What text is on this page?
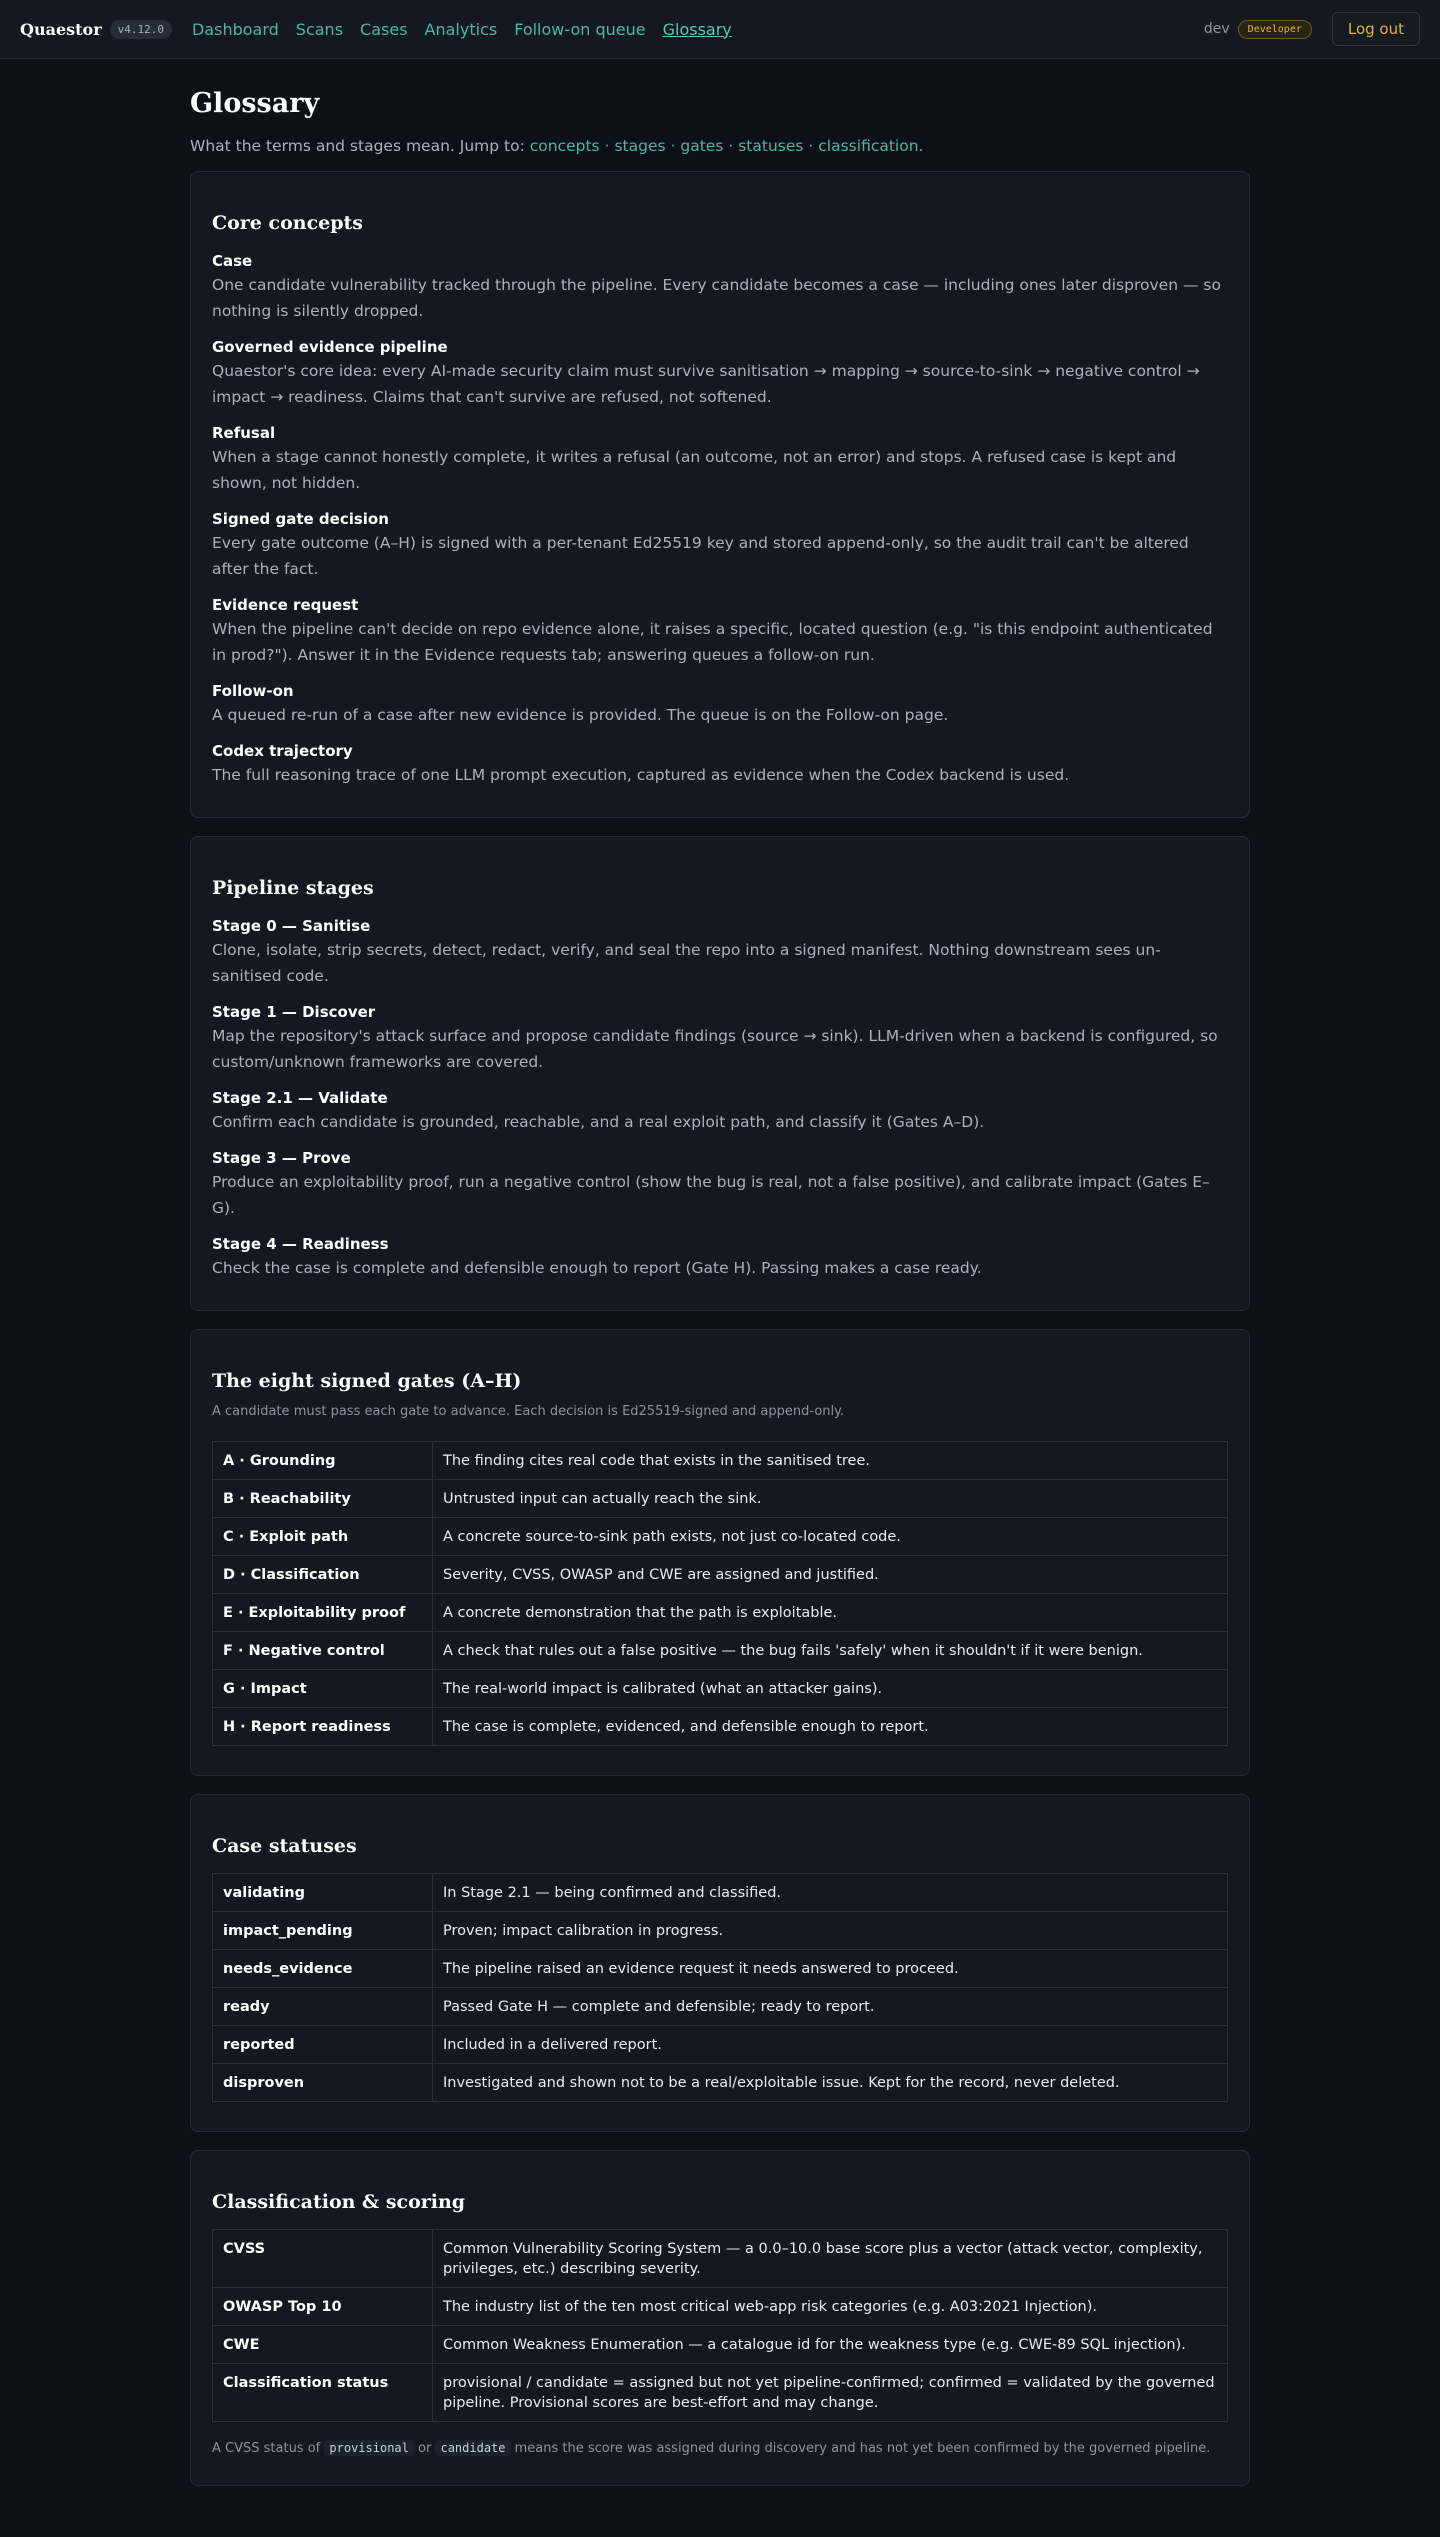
Quaestor	v4.12.0	Dashboard Scans Cases Analytics Follow-on queue Glossary	dev	Developer	Log out
Glossary

What the terms and stages mean. Jump to: concepts · stages · gates · statuses · classification.

Core concepts
Case
One candidate vulnerability tracked through the pipeline. Every candidate becomes a case — including ones later disproven — so nothing is silently dropped.
Governed evidence pipeline
Quaestor's core idea: every AI-made security claim must survive sanitisation → mapping → source-to-sink → negative control → impact → readiness. Claims that can't survive are refused, not softened.
Refusal
When a stage cannot honestly complete, it writes a refusal (an outcome, not an error) and stops. A refused case is kept and shown, not hidden.
Signed gate decision
Every gate outcome (A–H) is signed with a per-tenant Ed25519 key and stored append-only, so the audit trail can't be altered after the fact.
Evidence request
When the pipeline can't decide on repo evidence alone, it raises a specific, located question (e.g. "is this endpoint authenticated in prod?"). Answer it in the Evidence requests tab; answering queues a follow-on run.
Follow-on
A queued re-run of a case after new evidence is provided. The queue is on the Follow-on page.
Codex trajectory
The full reasoning trace of one LLM prompt execution, captured as evidence when the Codex backend is used.
Pipeline stages
Stage 0 — Sanitise
Clone, isolate, strip secrets, detect, redact, verify, and seal the repo into a signed manifest. Nothing downstream sees un-sanitised code.
Stage 1 — Discover
Map the repository's attack surface and propose candidate findings (source → sink). LLM-driven when a backend is configured, so custom/unknown frameworks are covered.
Stage 2.1 — Validate
Confirm each candidate is grounded, reachable, and a real exploit path, and classify it (Gates A–D).
Stage 3 — Prove
Produce an exploitability proof, run a negative control (show the bug is real, not a false positive), and calibrate impact (Gates E–G).
Stage 4 — Readiness
Check the case is complete and defensible enough to report (Gate H). Passing makes a case ready.
The eight signed gates (A–H)

A candidate must pass each gate to advance. Each decision is Ed25519-signed and append-only.

A · Grounding	The finding cites real code that exists in the sanitised tree.
B · Reachability	Untrusted input can actually reach the sink.
C · Exploit path	A concrete source-to-sink path exists, not just co-located code.
D · Classification	Severity, CVSS, OWASP and CWE are assigned and justified.
E · Exploitability proof	A concrete demonstration that the path is exploitable.
F · Negative control	A check that rules out a false positive — the bug fails 'safely' when it shouldn't if it were benign.
G · Impact	The real-world impact is calibrated (what an attacker gains).
H · Report readiness	The case is complete, evidenced, and defensible enough to report.
Case statuses
validating	In Stage 2.1 — being confirmed and classified.
impact_pending	Proven; impact calibration in progress.
needs_evidence	The pipeline raised an evidence request it needs answered to proceed.
ready	Passed Gate H — complete and defensible; ready to report.
reported	Included in a delivered report.
disproven	Investigated and shown not to be a real/exploitable issue. Kept for the record, never deleted.
Classification & scoring
CVSS	Common Vulnerability Scoring System — a 0.0–10.0 base score plus a vector (attack vector, complexity, privileges, etc.) describing severity.
OWASP Top 10	The industry list of the ten most critical web-app risk categories (e.g. A03:2021 Injection).
CWE	Common Weakness Enumeration — a catalogue id for the weakness type (e.g. CWE-89 SQL injection).
Classification status	provisional / candidate = assigned but not yet pipeline-confirmed; confirmed = validated by the governed pipeline. Provisional scores are best-effort and may change.

A CVSS status of provisional or candidate means the score was assigned during discovery and has not yet been confirmed by the governed pipeline.
